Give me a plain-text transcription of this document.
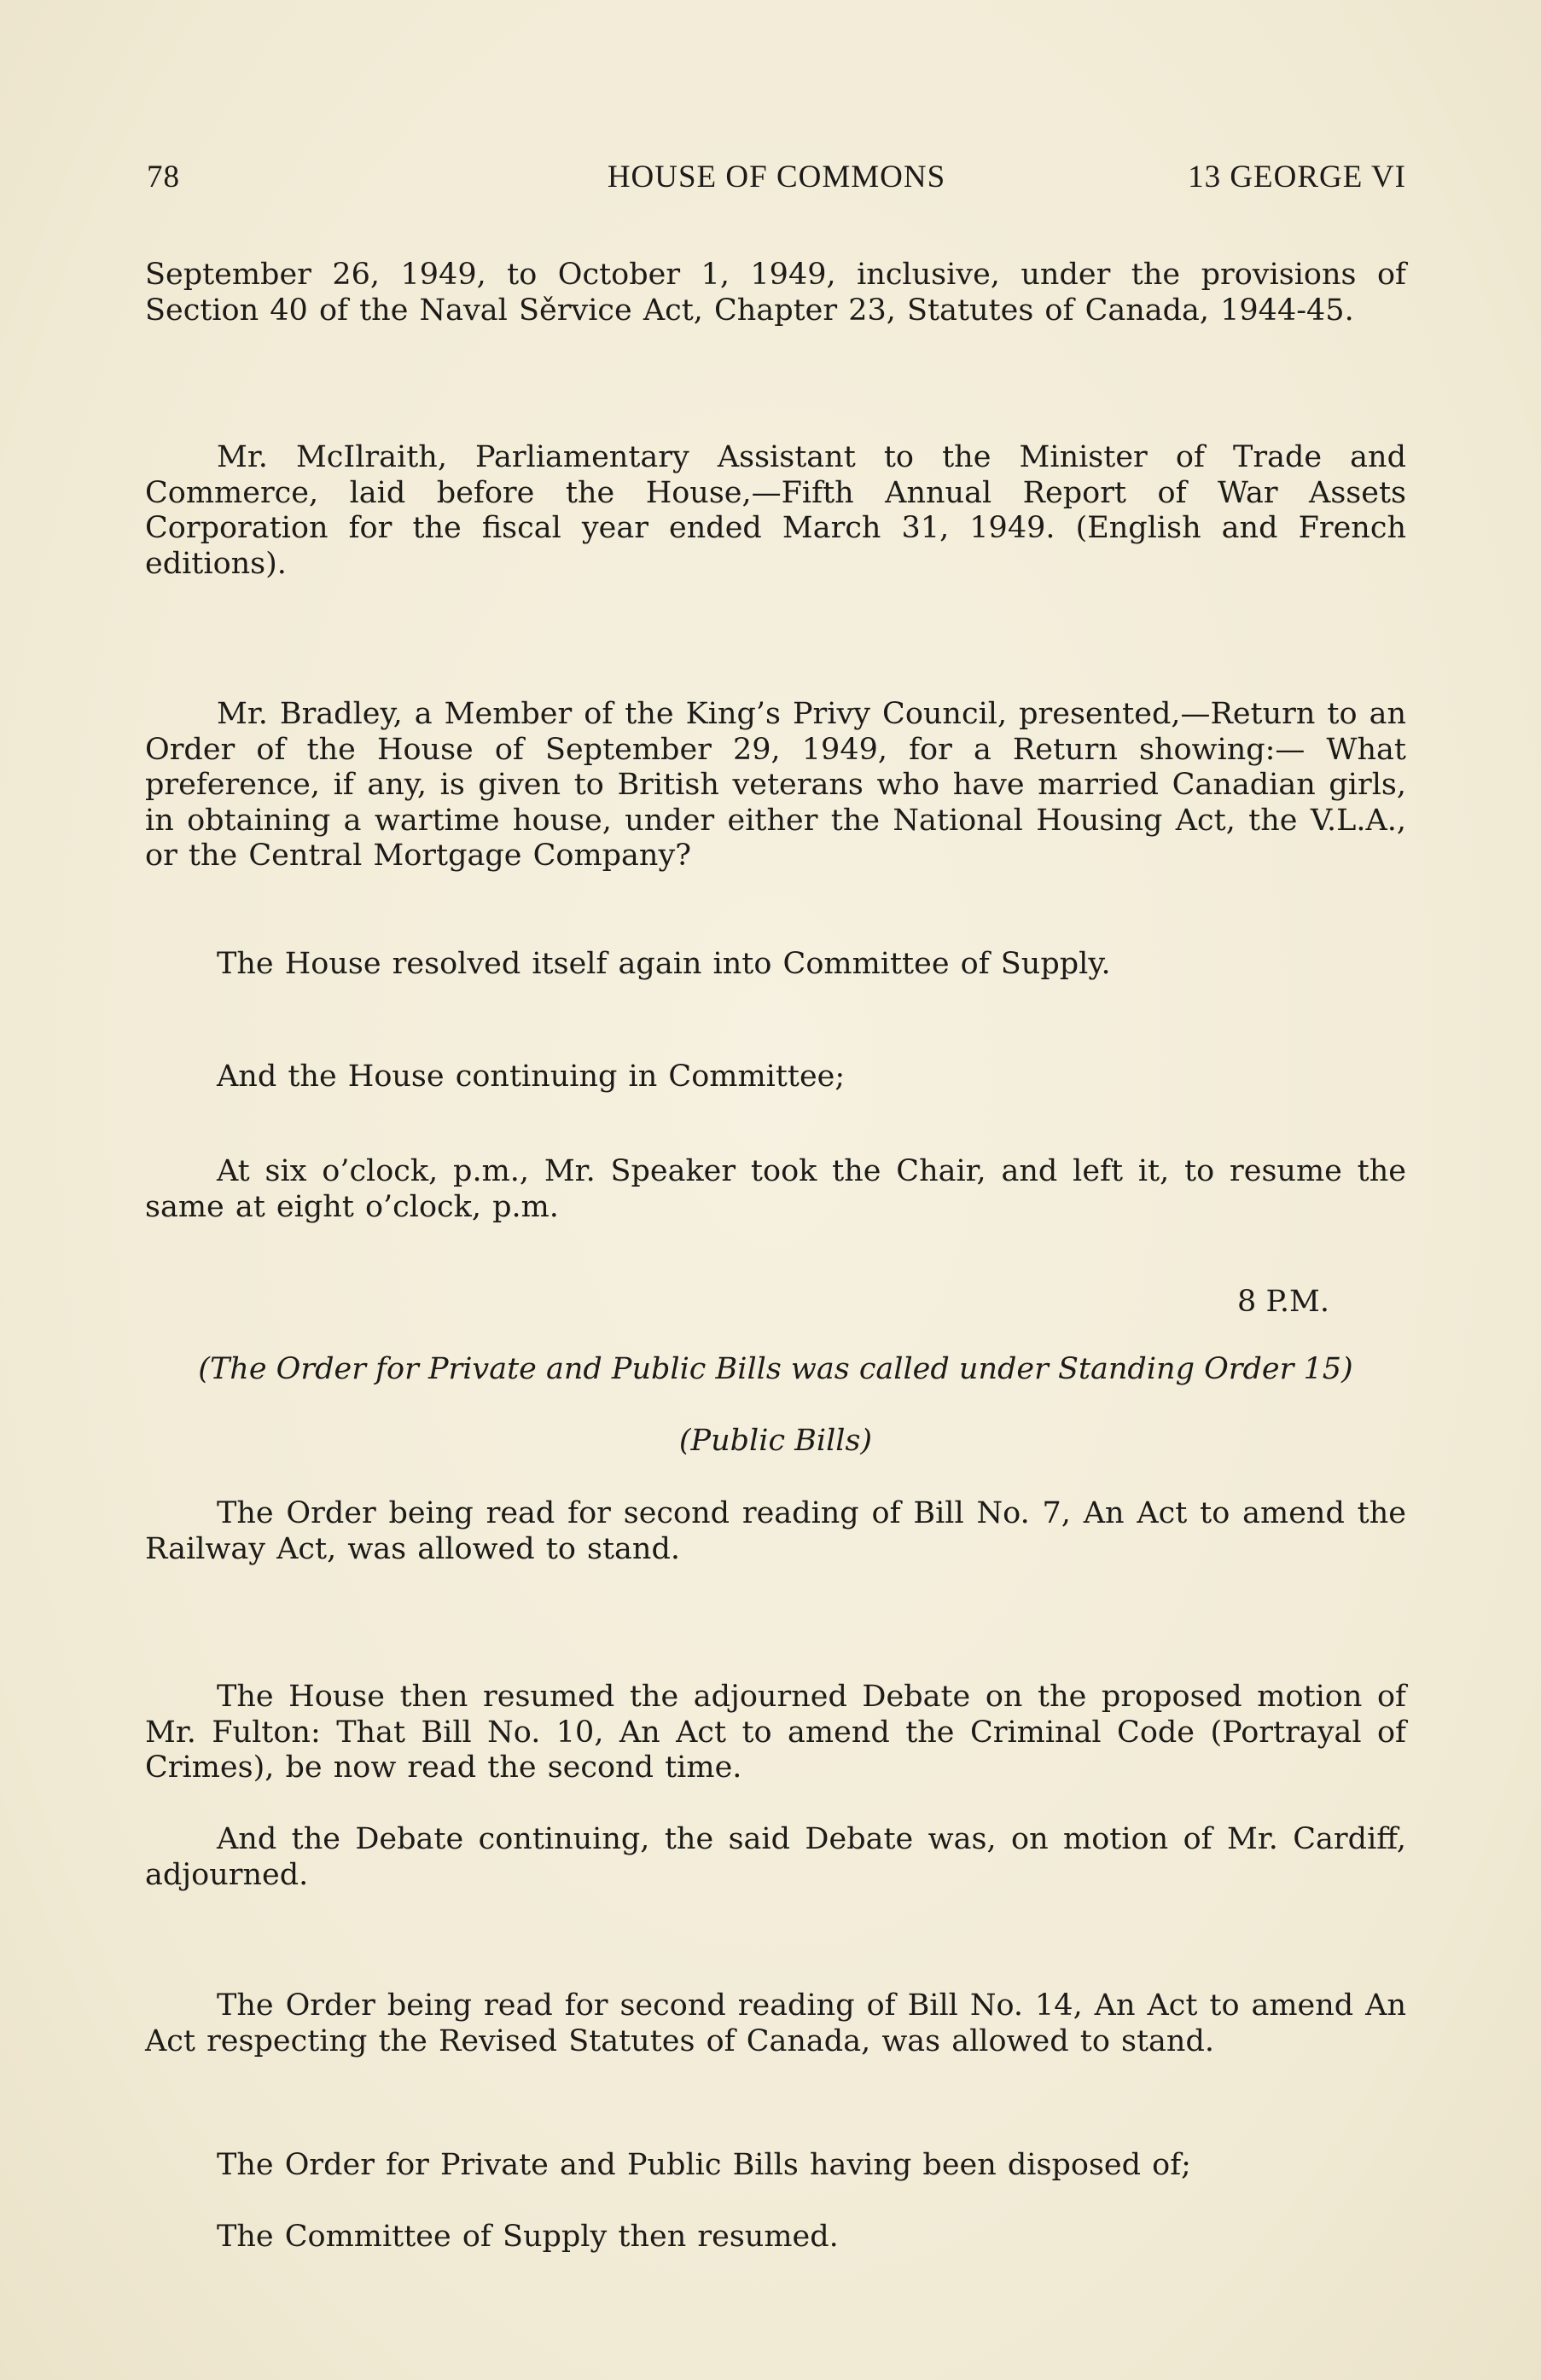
78	HOUSE OF COMMONS	13 GEORGE VI

September 26, 1949, to October 1, 1949, inclusive, under the provisions of Section 40 of the Naval Sěrvice Act, Chapter 23, Statutes of Canada, 1944-45.

Mr. McIlraith, Parliamentary Assistant to the Minister of Trade and Commerce, laid before the House,—Fifth Annual Report of War Assets Corporation for the fiscal year ended March 31, 1949. (English and French editions).

Mr. Bradley, a Member of the King’s Privy Council, presented,—Return to an Order of the House of September 29, 1949, for a Return showing:— What preference, if any, is given to British veterans who have married Canadian girls, in obtaining a wartime house, under either the National Housing Act, the V.L.A., or the Central Mortgage Company?

The House resolved itself again into Committee of Supply.

And the House continuing in Committee;

At six o’clock, p.m., Mr. Speaker took the Chair, and left it, to resume the same at eight o’clock, p.m.

8 P.M.
(The Order for Private and Public Bills was called under Standing Order 15)
(Public Bills)

The Order being read for second reading of Bill No. 7, An Act to amend the Railway Act, was allowed to stand.

The House then resumed the adjourned Debate on the proposed motion of Mr. Fulton: That Bill No. 10, An Act to amend the Criminal Code (Portrayal of Crimes), be now read the second time.

And the Debate continuing, the said Debate was, on motion of Mr. Cardiff, adjourned.

The Order being read for second reading of Bill No. 14, An Act to amend An Act respecting the Revised Statutes of Canada, was allowed to stand.

The Order for Private and Public Bills having been disposed of;

The Committee of Supply then resumed.
